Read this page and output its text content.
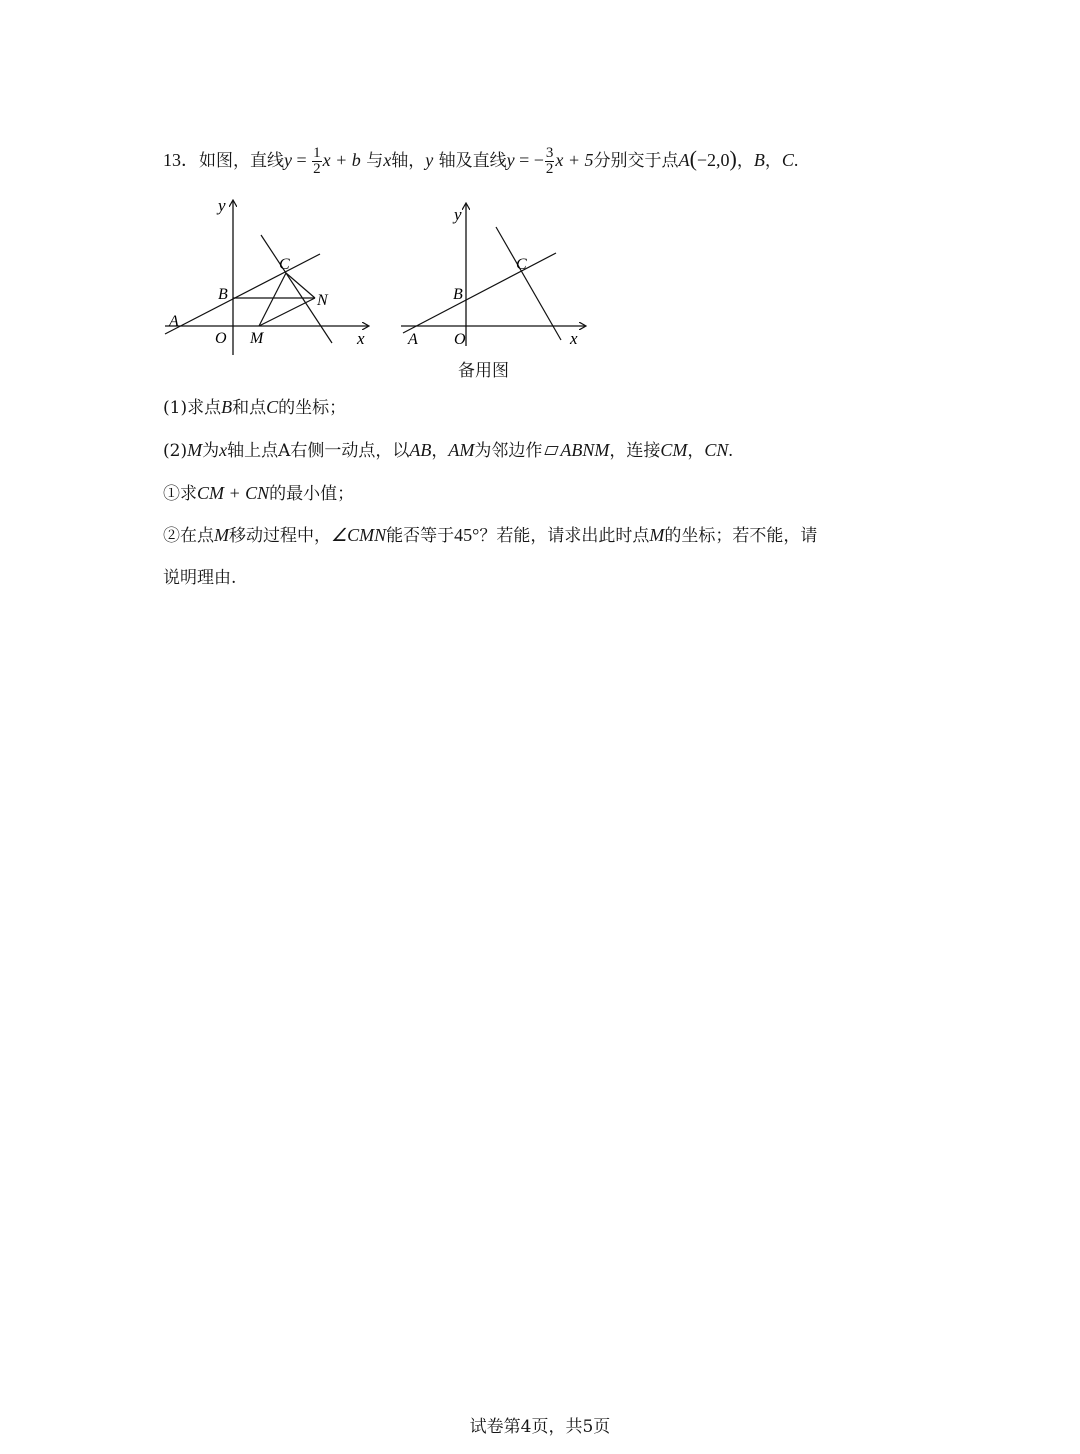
13．如图，直线$y = \frac{1}{2}$ x + b 与x轴，y 轴及直线y = − $\frac{3}{2}$ x + 5分别交于点A(−2,0)，B，C.
y
x
A
B
C
N
O M
y
x
A
B
C
O
备用图
(1)求点B和点C的坐标；
(2)M为x轴上点A右侧一动点，以AB，AM为邻边作 ABNM，连接CM，CN.
①求CM + CN的最小值；
②在点M移动过程中，∠CMN能否等于45°？若能，请求出此时点M的坐标；若不能，请
说明理由.
试卷第4页，共5页
